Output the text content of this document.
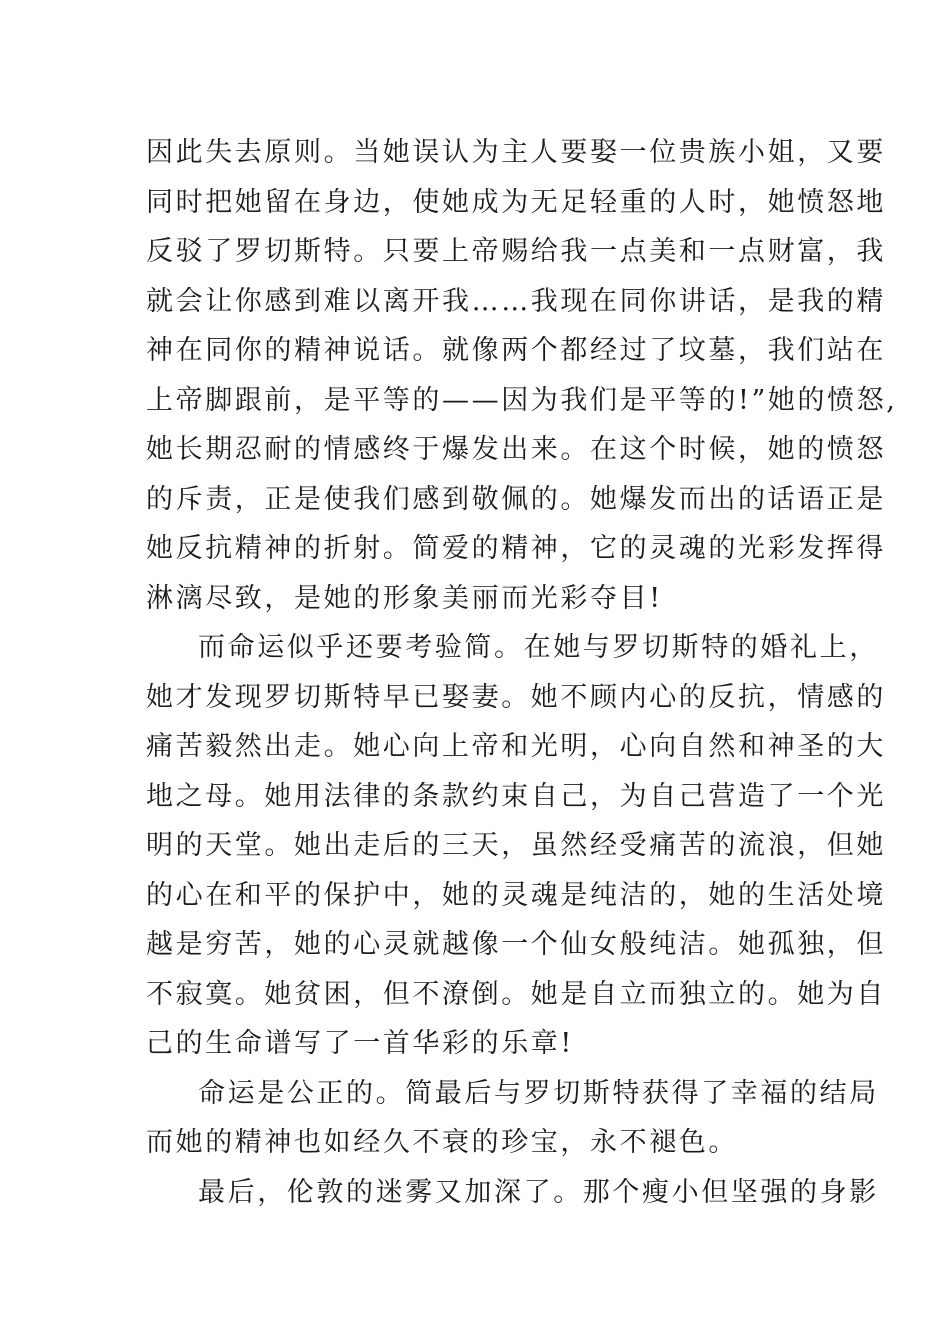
因此失去原则。当她误认为主人要娶一位贵族小姐，又要
同时把她留在身边，使她成为无足轻重的人时，她愤怒地
反驳了罗切斯特。只要上帝赐给我一点美和一点财富，我
就会让你感到难以离开我……我现在同你讲话，是我的精
神在同你的精神说话。就像两个都经过了坟墓，我们站在
上帝脚跟前，是平等的——因为我们是平等的!”她的愤怒,
她长期忍耐的情感终于爆发出来。在这个时候，她的愤怒
的斥责，正是使我们感到敬佩的。她爆发而出的话语正是
她反抗精神的折射。简爱的精神，它的灵魂的光彩发挥得
淋漓尽致，是她的形象美丽而光彩夺目!
而命运似乎还要考验简。在她与罗切斯特的婚礼上，
她才发现罗切斯特早已娶妻。她不顾内心的反抗，情感的
痛苦毅然出走。她心向上帝和光明，心向自然和神圣的大
地之母。她用法律的条款约束自己，为自己营造了一个光
明的天堂。她出走后的三天，虽然经受痛苦的流浪，但她
的心在和平的保护中，她的灵魂是纯洁的，她的生活处境
越是穷苦，她的心灵就越像一个仙女般纯洁。她孤独，但
不寂寞。她贫困，但不潦倒。她是自立而独立的。她为自
己的生命谱写了一首华彩的乐章!
命运是公正的。简最后与罗切斯特获得了幸福的结局
而她的精神也如经久不衰的珍宝，永不褪色。
最后，伦敦的迷雾又加深了。那个瘦小但坚强的身影
